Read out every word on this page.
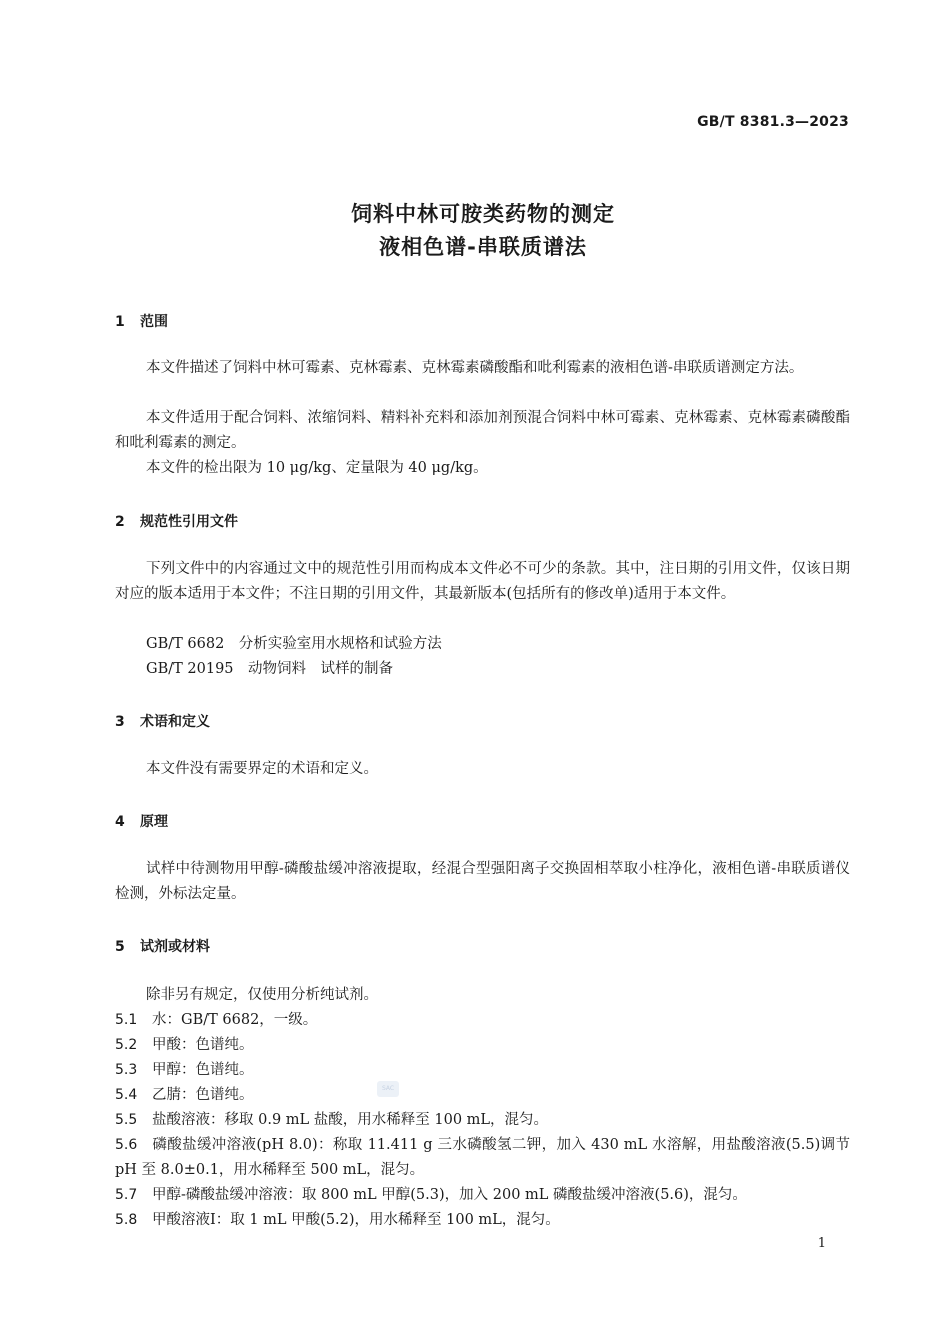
GB/T 8381.3—2023
饲料中林可胺类药物的测定
液相色谱-串联质谱法
1 范围
本文件描述了饲料中林可霉素、克林霉素、克林霉素磷酸酯和吡利霉素的液相色谱-串联质谱测定方法。
本文件适用于配合饲料、浓缩饲料、精料补充料和添加剂预混合饲料中林可霉素、克林霉素、克林霉素磷酸酯和吡利霉素的测定。
本文件的检出限为 10 μg/kg、定量限为 40 μg/kg。
2 规范性引用文件
下列文件中的内容通过文中的规范性引用而构成本文件必不可少的条款。其中，注日期的引用文件，仅该日期对应的版本适用于本文件；不注日期的引用文件，其最新版本(包括所有的修改单)适用于本文件。
GB/T 6682　分析实验室用水规格和试验方法
GB/T 20195　动物饲料　试样的制备
3 术语和定义
本文件没有需要界定的术语和定义。
4 原理
试样中待测物用甲醇-磷酸盐缓冲溶液提取，经混合型强阳离子交换固相萃取小柱净化，液相色谱-串联质谱仪检测，外标法定量。
5 试剂或材料
除非另有规定，仅使用分析纯试剂。
5.1 水：GB/T 6682，一级。
5.2 甲酸：色谱纯。
5.3 甲醇：色谱纯。
5.4 乙腈：色谱纯。
5.5 盐酸溶液：移取 0.9 mL 盐酸，用水稀释至 100 mL，混匀。
5.6 磷酸盐缓冲溶液(pH 8.0)：称取 11.411 g 三水磷酸氢二钾，加入 430 mL 水溶解，用盐酸溶液(5.5)调节 pH 至 8.0±0.1，用水稀释至 500 mL，混匀。
5.7 甲醇-磷酸盐缓冲溶液：取 800 mL 甲醇(5.3)，加入 200 mL 磷酸盐缓冲溶液(5.6)，混匀。
5.8 甲酸溶液Ⅰ：取 1 mL 甲酸(5.2)，用水稀释至 100 mL，混匀。
SAC
1
